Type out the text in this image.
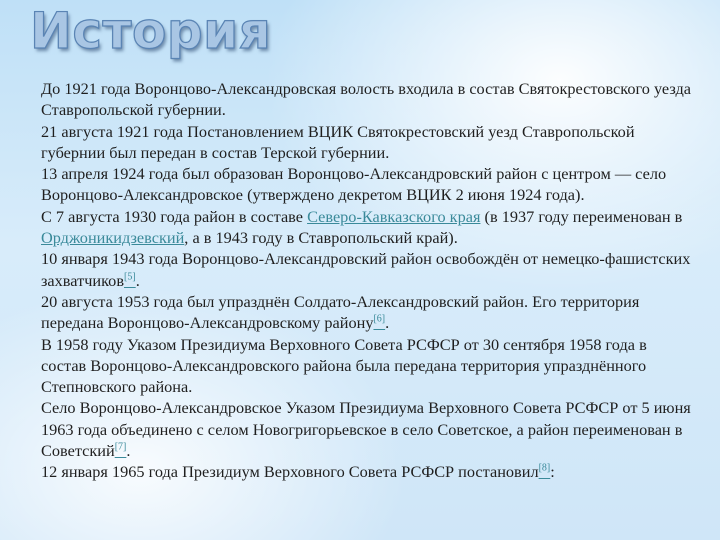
История

До 1921 года Воронцово-Александровская волость входила в состав Святокрестовского уезда Ставропольской губернии.

21 августа 1921 года Постановлением ВЦИК Святокрестовский уезд Ставропольской губернии был передан в состав Терской губернии.

13 апреля 1924 года был образован Воронцово-Александровский район с центром — село Воронцово-Александровское (утверждено декретом ВЦИК 2 июня 1924 года).

С 7 августа 1930 года район в составе Северо-Кавказского края (в 1937 году переименован в Орджоникидзевский, а в 1943 году в Ставропольский край).

10 января 1943 года Воронцово-Александровский район освобождён от немецко-фашистских захватчиков[5].

20 августа 1953 года был упразднён Солдато-Александровский район. Его территория передана Воронцово-Александровскому району[6].

В 1958 году Указом Президиума Верховного Совета РСФСР от 30 сентября 1958 года в состав Воронцово-Александровского района была передана территория упразднённого Степновского района.

Село Воронцово-Александровское Указом Президиума Верховного Совета РСФСР от 5 июня 1963 года объединено с селом Новогригорьевское в село Советское, а район переименован в Советский[7].

12 января 1965 года Президиум Верховного Совета РСФСР постановил[8]:
